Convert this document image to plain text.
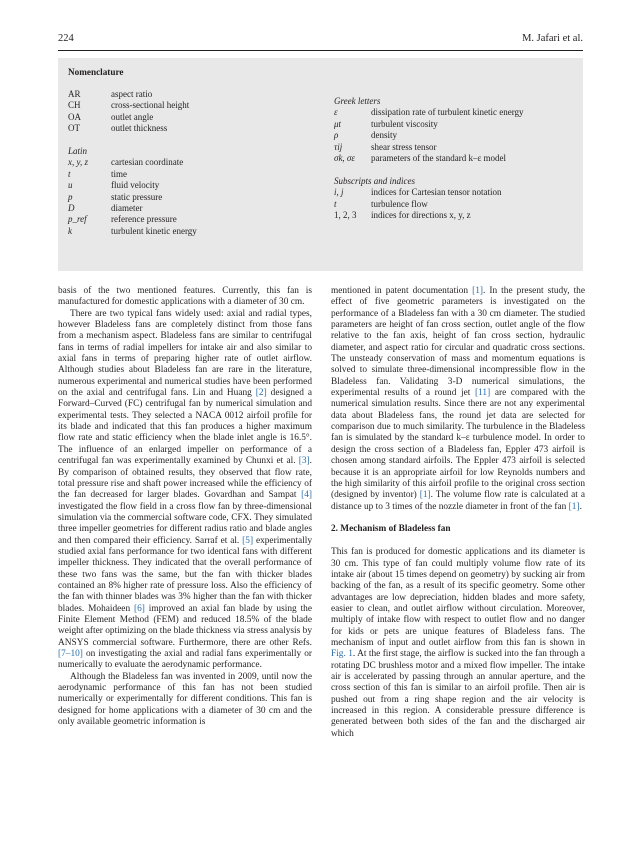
224	M. Jafari et al.
Nomenclature
AR	aspect ratio
CH	cross-sectional height
OA	outlet angle
OT	outlet thickness
Latin
x, y, z	cartesian coordinate
t	time
u	fluid velocity
p	static pressure
D	diameter
p_ref	reference pressure
k	turbulent kinetic energy
Greek letters
ε	dissipation rate of turbulent kinetic energy
μt	turbulent viscosity
ρ	density
τij	shear stress tensor
σk, σε	parameters of the standard k–ε model
Subscripts and indices
i, j	indices for Cartesian tensor notation
t	turbulence flow
1, 2, 3	indices for directions x, y, z

basis of the two mentioned features. Currently, this fan is manufactured for domestic applications with a diameter of 30 cm.

There are two typical fans widely used: axial and radial types, however Bladeless fans are completely distinct from those fans from a mechanism aspect. Bladeless fans are similar to centrifugal fans in terms of radial impellers for intake air and also similar to axial fans in terms of preparing higher rate of outlet airflow. Although studies about Bladeless fan are rare in the literature, numerous experimental and numerical studies have been performed on the axial and centrifugal fans. Lin and Huang [2] designed a Forward–Curved (FC) centrifugal fan by numerical simulation and experimental tests. They selected a NACA 0012 airfoil profile for its blade and indicated that this fan produces a higher maximum flow rate and static efficiency when the blade inlet angle is 16.5°. The influence of an enlarged impeller on performance of a centrifugal fan was experimentally examined by Chunxi et al. [3]. By comparison of obtained results, they observed that flow rate, total pressure rise and shaft power increased while the efficiency of the fan decreased for larger blades. Govardhan and Sampat [4] investigated the flow field in a cross flow fan by three-dimensional simulation via the commercial software code, CFX. They simulated three impeller geometries for different radius ratio and blade angles and then compared their efficiency. Sarraf et al. [5] experimentally studied axial fans performance for two identical fans with different impeller thickness. They indicated that the overall performance of these two fans was the same, but the fan with thicker blades contained an 8% higher rate of pressure loss. Also the efficiency of the fan with thinner blades was 3% higher than the fan with thicker blades. Mohaideen [6] improved an axial fan blade by using the Finite Element Method (FEM) and reduced 18.5% of the blade weight after optimizing on the blade thickness via stress analysis by ANSYS commercial software. Furthermore, there are other Refs. [7–10] on investigating the axial and radial fans experimentally or numerically to evaluate the aerodynamic performance.

Although the Bladeless fan was invented in 2009, until now the aerodynamic performance of this fan has not been studied numerically or experimentally for different conditions. This fan is designed for home applications with a diameter of 30 cm and the only available geometric information is

mentioned in patent documentation [1]. In the present study, the effect of five geometric parameters is investigated on the performance of a Bladeless fan with a 30 cm diameter. The studied parameters are height of fan cross section, outlet angle of the flow relative to the fan axis, height of fan cross section, hydraulic diameter, and aspect ratio for circular and quadratic cross sections. The unsteady conservation of mass and momentum equations is solved to simulate three-dimensional incompressible flow in the Bladeless fan. Validating 3-D numerical simulations, the experimental results of a round jet [11] are compared with the numerical simulation results. Since there are not any experimental data about Bladeless fans, the round jet data are selected for comparison due to much similarity. The turbulence in the Bladeless fan is simulated by the standard k–ε turbulence model. In order to design the cross section of a Bladeless fan, Eppler 473 airfoil is chosen among standard airfoils. The Eppler 473 airfoil is selected because it is an appropriate airfoil for low Reynolds numbers and the high similarity of this airfoil profile to the original cross section (designed by inventor) [1]. The volume flow rate is calculated at a distance up to 3 times of the nozzle diameter in front of the fan [1].

2. Mechanism of Bladeless fan

This fan is produced for domestic applications and its diameter is 30 cm. This type of fan could multiply volume flow rate of its intake air (about 15 times depend on geometry) by sucking air from backing of the fan, as a result of its specific geometry. Some other advantages are low depreciation, hidden blades and more safety, easier to clean, and outlet airflow without circulation. Moreover, multiply of intake flow with respect to outlet flow and no danger for kids or pets are unique features of Bladeless fans. The mechanism of input and outlet airflow from this fan is shown in Fig. 1. At the first stage, the airflow is sucked into the fan through a rotating DC brushless motor and a mixed flow impeller. The intake air is accelerated by passing through an annular aperture, and the cross section of this fan is similar to an airfoil profile. Then air is pushed out from a ring shape region and the air velocity is increased in this region. A considerable pressure difference is generated between both sides of the fan and the discharged air which
